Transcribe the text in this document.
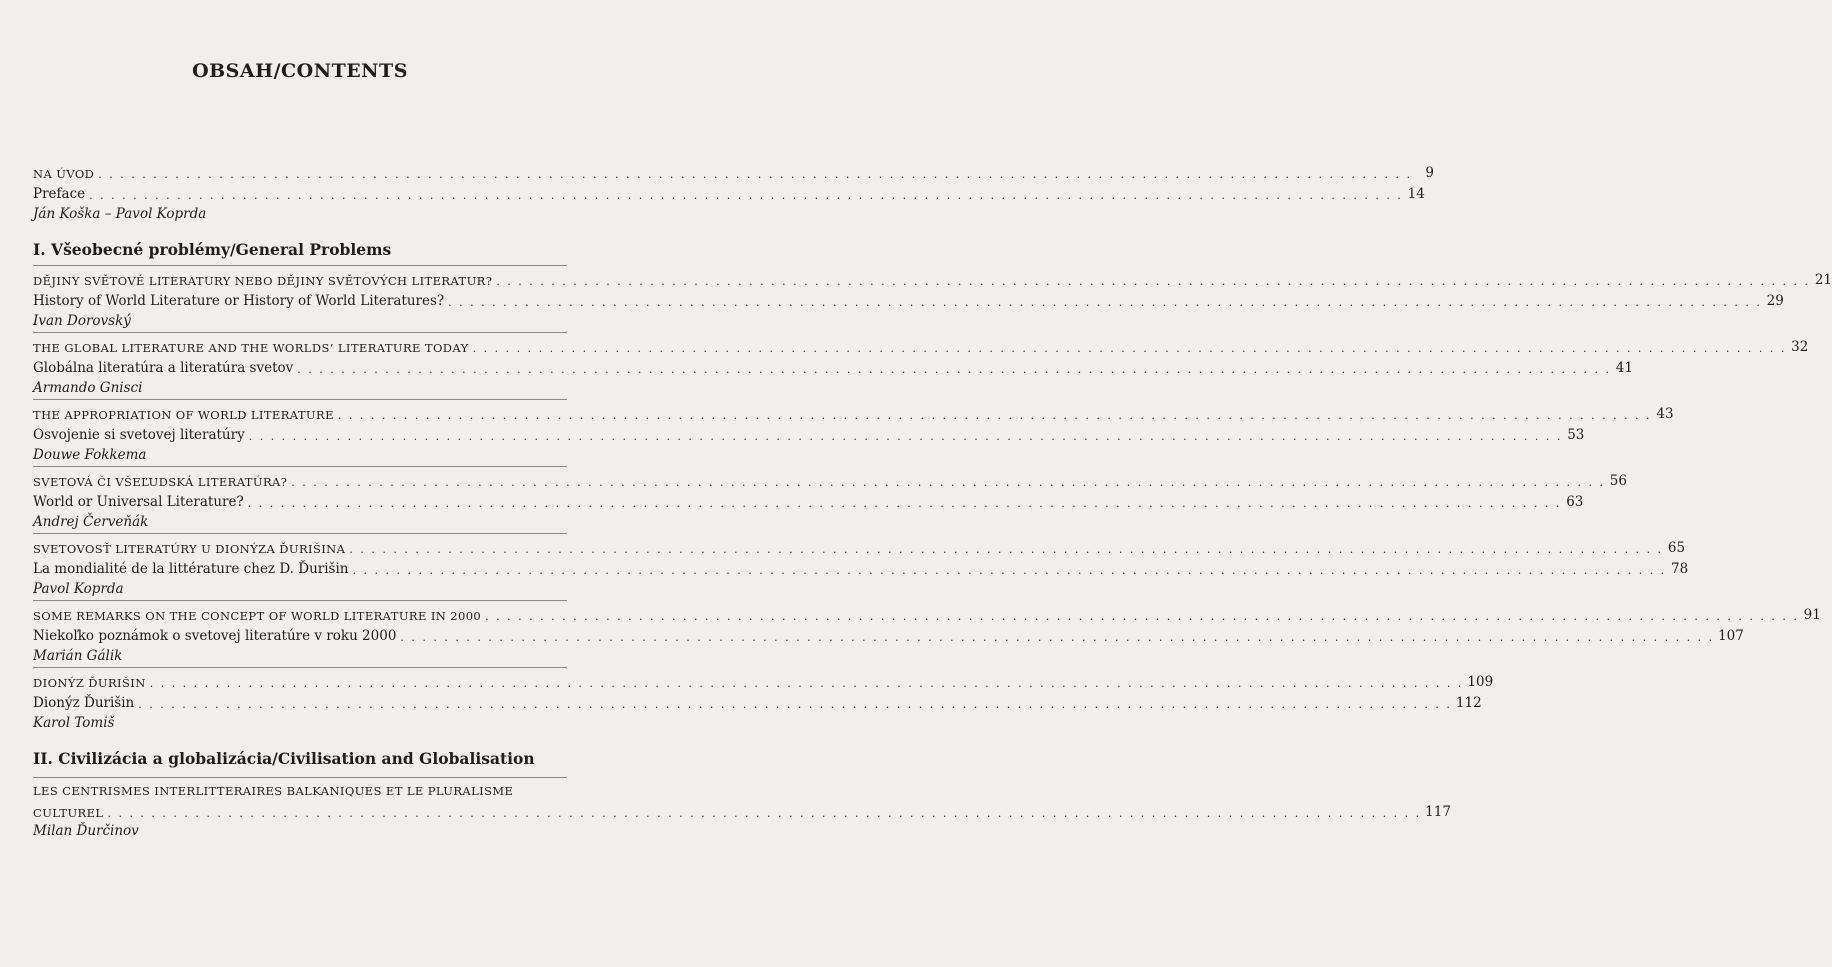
OBSAH/CONTENTS
NA ÚVOD . . . . . . . . . . . . . . . . . . . . . . . . . . . . . . . . . . . . . . . . . . . . . . . . . . . . . . . . . . . . . . . . . . . . . . . . . . . . . . . . . . . . . . . . . . . . . . . . . . . . . . . . . . . . . . . . . . . . . . . . 9
Preface . . . . . . . . . . . . . . . . . . . . . . . . . . . . . . . . . . . . . . . . . . . . . . . . . . . . . . . . . . . . . . . . . . . . . . . . . . . . . . . . . . . . . . . . . . . . . . . . . . . . . . . . . . . . . . . . . . . . . . . . 14
Ján Koška – Pavol Koprda
I. Všeobecné problémy/General Problems
DĚJINY SVĚTOVÉ LITERATURY NEBO DĚJINY SVĚTOVÝCH LITERATUR? . . . . . . . . . . . . . . . . . . . . . . . . . . . . . . . . . . . . . . . . . . . . . . . . . . . . . . . . . . . . . . . . . . . . . . . . . . . . . . . . . . . . . . . . . . . . . . . . . . . . . . . . . . . . . . . . . . . . . . . . 21
History of World Literature or History of World Literatures? . . . . . . . . . . . . . . . . . . . . . . . . . . . . . . . . . . . . . . . . . . . . . . . . . . . . . . . . . . . . . . . . . . . . . . . . . . . . . . . . . . . . . . . . . . . . . . . . . . . . . . . . . . . . . . . . . . . . . . . . 29
Ivan Dorovský
THE GLOBAL LITERATURE AND THE WORLDS’ LITERATURE TODAY . . . . . . . . . . . . . . . . . . . . . . . . . . . . . . . . . . . . . . . . . . . . . . . . . . . . . . . . . . . . . . . . . . . . . . . . . . . . . . . . . . . . . . . . . . . . . . . . . . . . . . . . . . . . . . . . . . . . . . . . 32
Globálna literatúra a literatúra svetov . . . . . . . . . . . . . . . . . . . . . . . . . . . . . . . . . . . . . . . . . . . . . . . . . . . . . . . . . . . . . . . . . . . . . . . . . . . . . . . . . . . . . . . . . . . . . . . . . . . . . . . . . . . . . . . . . . . . . . . . 41
Armando Gnisci
THE APPROPRIATION OF WORLD LITERATURE . . . . . . . . . . . . . . . . . . . . . . . . . . . . . . . . . . . . . . . . . . . . . . . . . . . . . . . . . . . . . . . . . . . . . . . . . . . . . . . . . . . . . . . . . . . . . . . . . . . . . . . . . . . . . . . . . . . . . . . . 43
Osvojenie si svetovej literatúry . . . . . . . . . . . . . . . . . . . . . . . . . . . . . . . . . . . . . . . . . . . . . . . . . . . . . . . . . . . . . . . . . . . . . . . . . . . . . . . . . . . . . . . . . . . . . . . . . . . . . . . . . . . . . . . . . . . . . . . . 53
Douwe Fokkema
SVETOVÁ ČI VŠEĽUDSKÁ LITERATÚRA? . . . . . . . . . . . . . . . . . . . . . . . . . . . . . . . . . . . . . . . . . . . . . . . . . . . . . . . . . . . . . . . . . . . . . . . . . . . . . . . . . . . . . . . . . . . . . . . . . . . . . . . . . . . . . . . . . . . . . . . . 56
World or Universal Literature? . . . . . . . . . . . . . . . . . . . . . . . . . . . . . . . . . . . . . . . . . . . . . . . . . . . . . . . . . . . . . . . . . . . . . . . . . . . . . . . . . . . . . . . . . . . . . . . . . . . . . . . . . . . . . . . . . . . . . . . . 63
Andrej Červeňák
SVETOVOSŤ LITERATÚRY U DIONÝZA ĎURIŠINA . . . . . . . . . . . . . . . . . . . . . . . . . . . . . . . . . . . . . . . . . . . . . . . . . . . . . . . . . . . . . . . . . . . . . . . . . . . . . . . . . . . . . . . . . . . . . . . . . . . . . . . . . . . . . . . . . . . . . . . . 65
La mondialité de la littérature chez D. Ďurišin . . . . . . . . . . . . . . . . . . . . . . . . . . . . . . . . . . . . . . . . . . . . . . . . . . . . . . . . . . . . . . . . . . . . . . . . . . . . . . . . . . . . . . . . . . . . . . . . . . . . . . . . . . . . . . . . . . . . . . . . 78
Pavol Koprda
SOME REMARKS ON THE CONCEPT OF WORLD LITERATURE IN 2000 . . . . . . . . . . . . . . . . . . . . . . . . . . . . . . . . . . . . . . . . . . . . . . . . . . . . . . . . . . . . . . . . . . . . . . . . . . . . . . . . . . . . . . . . . . . . . . . . . . . . . . . . . . . . . . . . . . . . . . . . 91
Niekoľko poznámok o svetovej literatúre v roku 2000 . . . . . . . . . . . . . . . . . . . . . . . . . . . . . . . . . . . . . . . . . . . . . . . . . . . . . . . . . . . . . . . . . . . . . . . . . . . . . . . . . . . . . . . . . . . . . . . . . . . . . . . . . . . . . . . . . . . . . . . . 107
Marián Gálik
DIONÝZ ĎURIŠIN . . . . . . . . . . . . . . . . . . . . . . . . . . . . . . . . . . . . . . . . . . . . . . . . . . . . . . . . . . . . . . . . . . . . . . . . . . . . . . . . . . . . . . . . . . . . . . . . . . . . . . . . . . . . . . . . . . . . . . . . 109
Dionýz Ďurišin . . . . . . . . . . . . . . . . . . . . . . . . . . . . . . . . . . . . . . . . . . . . . . . . . . . . . . . . . . . . . . . . . . . . . . . . . . . . . . . . . . . . . . . . . . . . . . . . . . . . . . . . . . . . . . . . . . . . . . . . 112
Karol Tomiš
II. Civilizácia a globalizácia/Civilisation and Globalisation
LES CENTRISMES INTERLITTERAIRES BALKANIQUES ET LE PLURALISME
CULTUREL . . . . . . . . . . . . . . . . . . . . . . . . . . . . . . . . . . . . . . . . . . . . . . . . . . . . . . . . . . . . . . . . . . . . . . . . . . . . . . . . . . . . . . . . . . . . . . . . . . . . . . . . . . . . . . . . . . . . . . . . 117
Milan Ďurčinov
